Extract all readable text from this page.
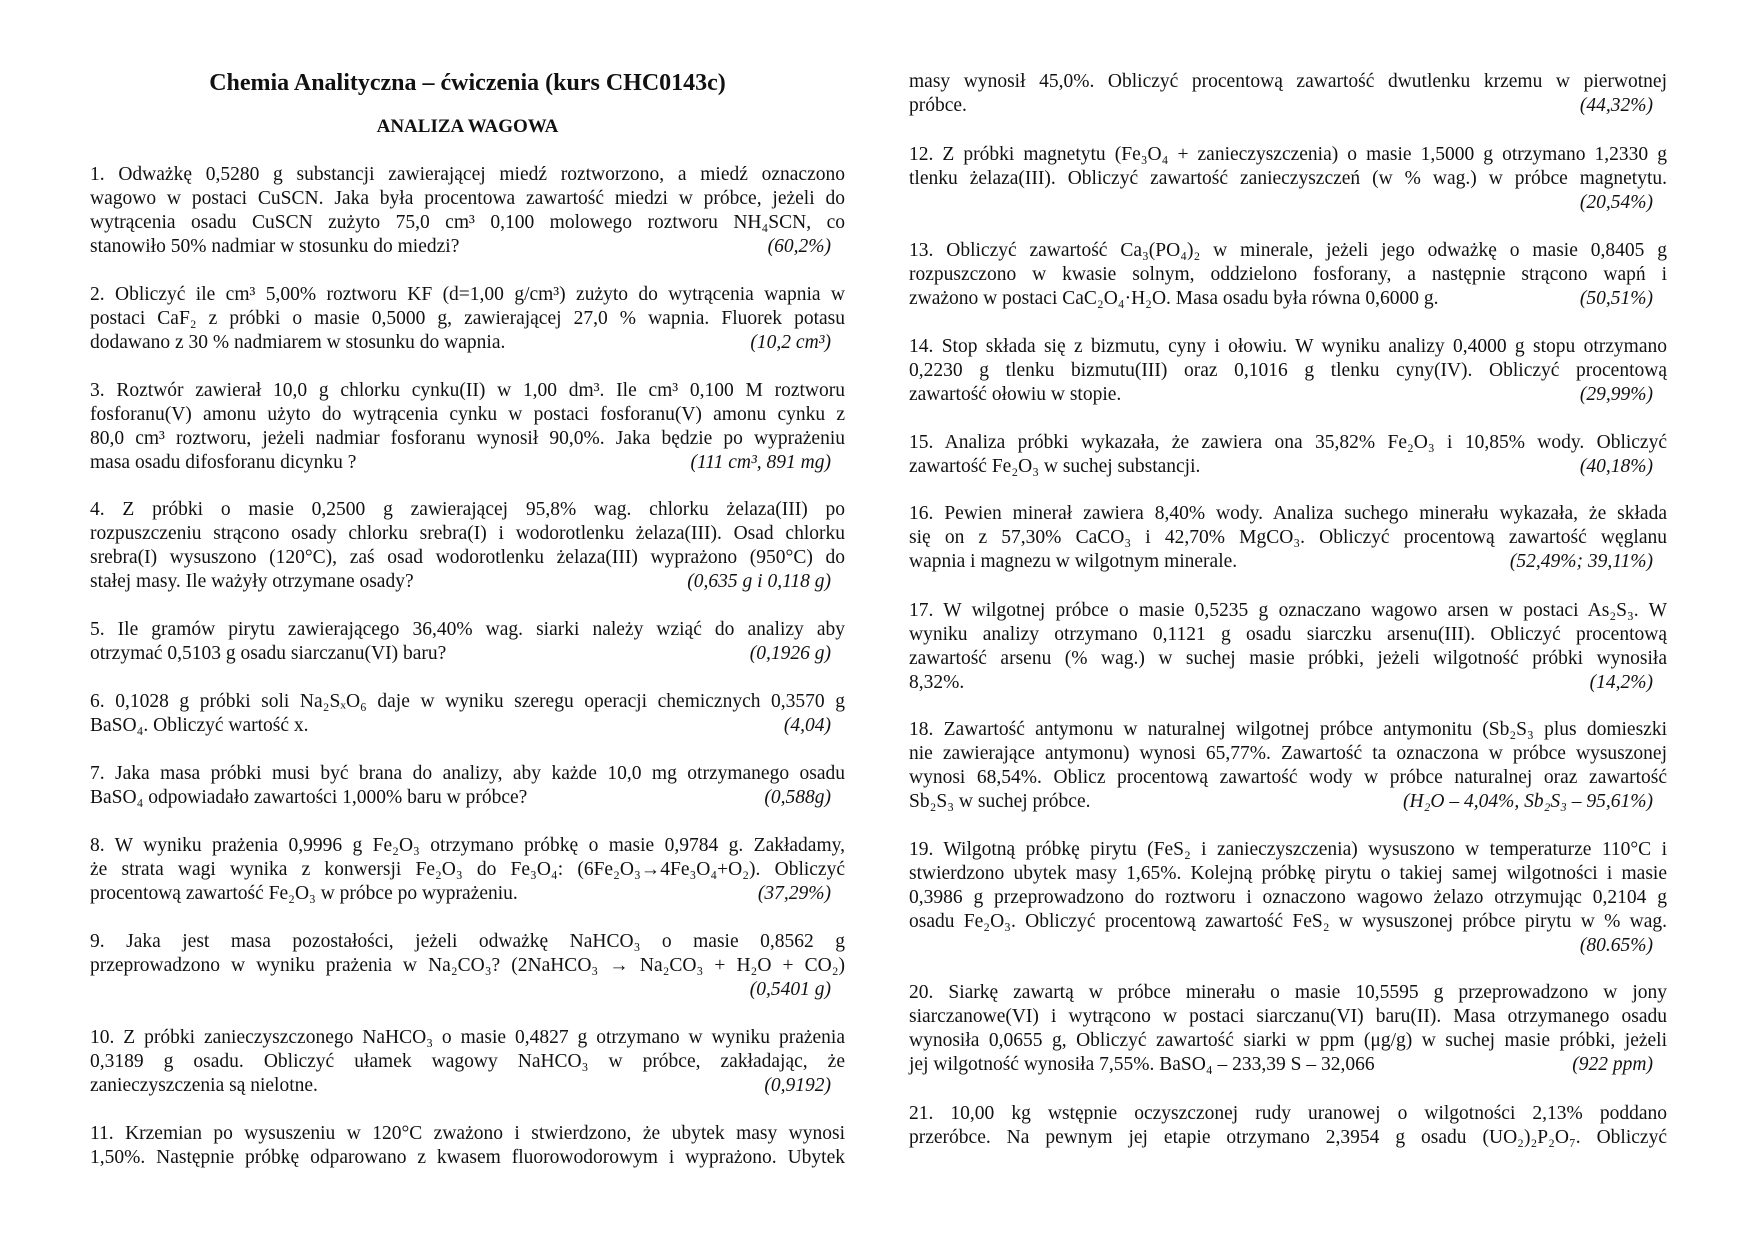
Chemia Analityczna – ćwiczenia (kurs CHC0143c)
ANALIZA WAGOWA
1. Odważkę 0,5280 g substancji zawierającej miedź roztworzono, a miedź oznaczono
wagowo w postaci CuSCN. Jaka była procentowa zawartość miedzi w próbce, jeżeli do
wytrącenia osadu CuSCN zużyto 75,0 cm³ 0,100 molowego roztworu NH₄SCN, co
stanowiło 50% nadmiar w stosunku do miedzi?	(60,2%)
2. Obliczyć ile cm³ 5,00% roztworu KF (d=1,00 g/cm³) zużyto do wytrącenia wapnia w
postaci CaF₂ z próbki o masie 0,5000 g, zawierającej 27,0 % wapnia. Fluorek potasu
dodawano z 30 % nadmiarem w stosunku do wapnia.	(10,2 cm³)
3. Roztwór zawierał 10,0 g chlorku cynku(II) w 1,00 dm³. Ile cm³ 0,100 M roztworu
fosforanu(V) amonu użyto do wytrącenia cynku w postaci fosforanu(V) amonu cynku z
80,0 cm³ roztworu, jeżeli nadmiar fosforanu wynosił 90,0%. Jaka będzie po wyprażeniu
masa osadu difosforanu dicynku ?	(111 cm³, 891 mg)
4. Z próbki o masie 0,2500 g zawierającej 95,8% wag. chlorku żelaza(III) po
rozpuszczeniu strącono osady chlorku srebra(I) i wodorotlenku żelaza(III). Osad chlorku
srebra(I) wysuszono (120°C), zaś osad wodorotlenku żelaza(III) wyprażono (950°C) do
stałej masy. Ile ważyły otrzymane osady?	(0,635 g i 0,118 g)
5. Ile gramów pirytu zawierającego 36,40% wag. siarki należy wziąć do analizy aby
otrzymać 0,5103 g osadu siarczanu(VI) baru?	(0,1926 g)
6. 0,1028 g próbki soli Na₂SₓO₆ daje w wyniku szeregu operacji chemicznych 0,3570 g
BaSO₄. Obliczyć wartość x.	(4,04)
7. Jaka masa próbki musi być brana do analizy, aby każde 10,0 mg otrzymanego osadu
BaSO₄ odpowiadało zawartości 1,000% baru w próbce?	(0,588g)
8. W wyniku prażenia 0,9996 g Fe₂O₃ otrzymano próbkę o masie 0,9784 g. Zakładamy,
że strata wagi wynika z konwersji Fe₂O₃ do Fe₃O₄: (6Fe₂O₃→4Fe₃O₄+O₂). Obliczyć
procentową zawartość Fe₂O₃ w próbce po wyprażeniu.	(37,29%)
9. Jaka jest masa pozostałości, jeżeli odważkę NaHCO₃ o masie 0,8562 g
przeprowadzono w wyniku prażenia w Na₂CO₃? (2NaHCO₃ → Na₂CO₃ + H₂O + CO₂)
(0,5401 g)
10. Z próbki zanieczyszczonego NaHCO₃ o masie 0,4827 g otrzymano w wyniku prażenia
0,3189 g osadu. Obliczyć ułamek wagowy NaHCO₃ w próbce, zakładając, że
zanieczyszczenia są nielotne.	(0,9192)
11. Krzemian po wysuszeniu w 120°C zważono i stwierdzono, że ubytek masy wynosi
1,50%. Następnie próbkę odparowano z kwasem fluorowodorowym i wyprażono. Ubytek
masy wynosił 45,0%. Obliczyć procentową zawartość dwutlenku krzemu w pierwotnej
próbce.	(44,32%)
12. Z próbki magnetytu (Fe₃O₄ + zanieczyszczenia) o masie 1,5000 g otrzymano 1,2330 g
tlenku żelaza(III). Obliczyć zawartość zanieczyszczeń (w % wag.) w próbce magnetytu.
(20,54%)
13. Obliczyć zawartość Ca₃(PO₄)₂ w minerale, jeżeli jego odważkę o masie 0,8405 g
rozpuszczono w kwasie solnym, oddzielono fosforany, a następnie strącono wapń i
zważono w postaci CaC₂O₄·H₂O. Masa osadu była równa 0,6000 g.	(50,51%)
14. Stop składa się z bizmutu, cyny i ołowiu. W wyniku analizy 0,4000 g stopu otrzymano
0,2230 g tlenku bizmutu(III) oraz 0,1016 g tlenku cyny(IV). Obliczyć procentową
zawartość ołowiu w stopie.	(29,99%)
15. Analiza próbki wykazała, że zawiera ona 35,82% Fe₂O₃ i 10,85% wody. Obliczyć
zawartość Fe₂O₃ w suchej substancji.	(40,18%)
16. Pewien minerał zawiera 8,40% wody. Analiza suchego minerału wykazała, że składa
się on z 57,30% CaCO₃ i 42,70% MgCO₃. Obliczyć procentową zawartość węglanu
wapnia i magnezu w wilgotnym minerale.	(52,49%; 39,11%)
17. W wilgotnej próbce o masie 0,5235 g oznaczano wagowo arsen w postaci As₂S₃. W
wyniku analizy otrzymano 0,1121 g osadu siarczku arsenu(III). Obliczyć procentową
zawartość arsenu (% wag.) w suchej masie próbki, jeżeli wilgotność próbki wynosiła
8,32%.	(14,2%)
18. Zawartość antymonu w naturalnej wilgotnej próbce antymonitu (Sb₂S₃ plus domieszki
nie zawierające antymonu) wynosi 65,77%. Zawartość ta oznaczona w próbce wysuszonej
wynosi 68,54%. Oblicz procentową zawartość wody w próbce naturalnej oraz zawartość
Sb₂S₃ w suchej próbce.	(H₂O – 4,04%, Sb₂S₃ – 95,61%)
19. Wilgotną próbkę pirytu (FeS₂ i zanieczyszczenia) wysuszono w temperaturze 110°C i
stwierdzono ubytek masy 1,65%. Kolejną próbkę pirytu o takiej samej wilgotności i masie
0,3986 g przeprowadzono do roztworu i oznaczono wagowo żelazo otrzymując 0,2104 g
osadu Fe₂O₃. Obliczyć procentową zawartość FeS₂ w wysuszonej próbce pirytu w % wag.
(80.65%)
20. Siarkę zawartą w próbce minerału o masie 10,5595 g przeprowadzono w jony
siarczanowe(VI) i wytrącono w postaci siarczanu(VI) baru(II). Masa otrzymanego osadu
wynosiła 0,0655 g, Obliczyć zawartość siarki w ppm (μg/g) w suchej masie próbki, jeżeli
jej wilgotność wynosiła 7,55%. BaSO₄ – 233,39 S – 32,066	(922 ppm)
21. 10,00 kg wstępnie oczyszczonej rudy uranowej o wilgotności 2,13% poddano
przeróbce. Na pewnym jej etapie otrzymano 2,3954 g osadu (UO₂)₂P₂O₇. Obliczyć
